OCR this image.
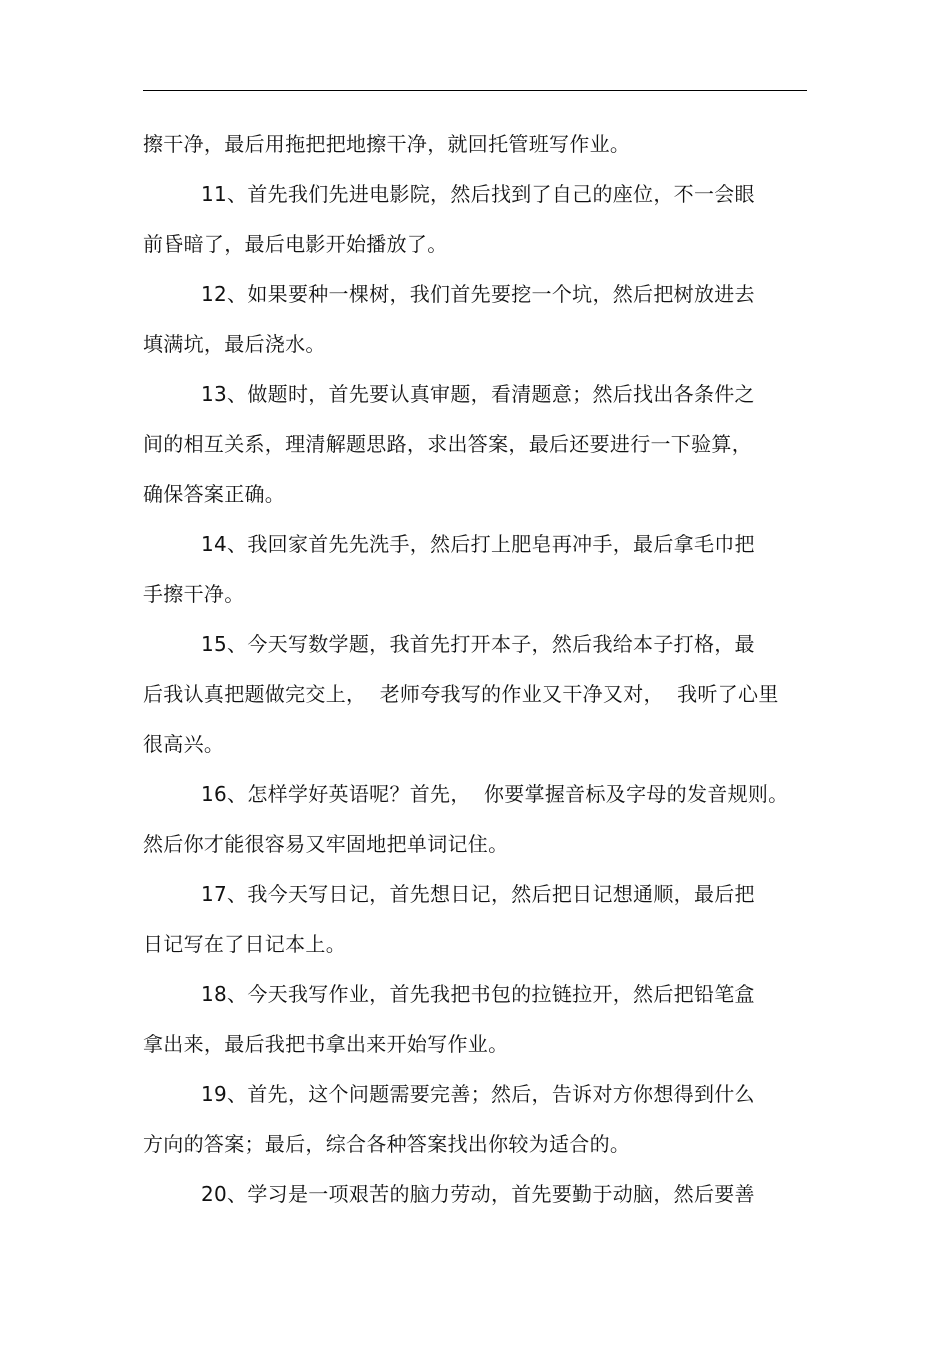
擦干净，最后用拖把把地擦干净，就回托管班写作业。
11、首先我们先进电影院，然后找到了自己的座位，不一会眼
前昏暗了，最后电影开始播放了。
12、如果要种一棵树，我们首先要挖一个坑，然后把树放进去
填满坑，最后浇水。
13、做题时，首先要认真审题，看清题意；然后找出各条件之
间的相互关系，理清解题思路，求出答案，最后还要进行一下验算，
确保答案正确。
14、我回家首先先洗手，然后打上肥皂再冲手，最后拿毛巾把
手擦干净。
15、今天写数学题，我首先打开本子，然后我给本子打格，最
后我认真把题做完交上，  老师夸我写的作业又干净又对，  我听了心里
很高兴。
16、怎样学好英语呢？首先，  你要掌握音标及字母的发音规则。
然后你才能很容易又牢固地把单词记住。
17、我今天写日记，首先想日记，然后把日记想通顺，最后把
日记写在了日记本上。
18、今天我写作业，首先我把书包的拉链拉开，然后把铅笔盒
拿出来，最后我把书拿出来开始写作业。
19、首先，这个问题需要完善；然后，告诉对方你想得到什么
方向的答案；最后，综合各种答案找出你较为适合的。
20、学习是一项艰苦的脑力劳动，首先要勤于动脑，然后要善
